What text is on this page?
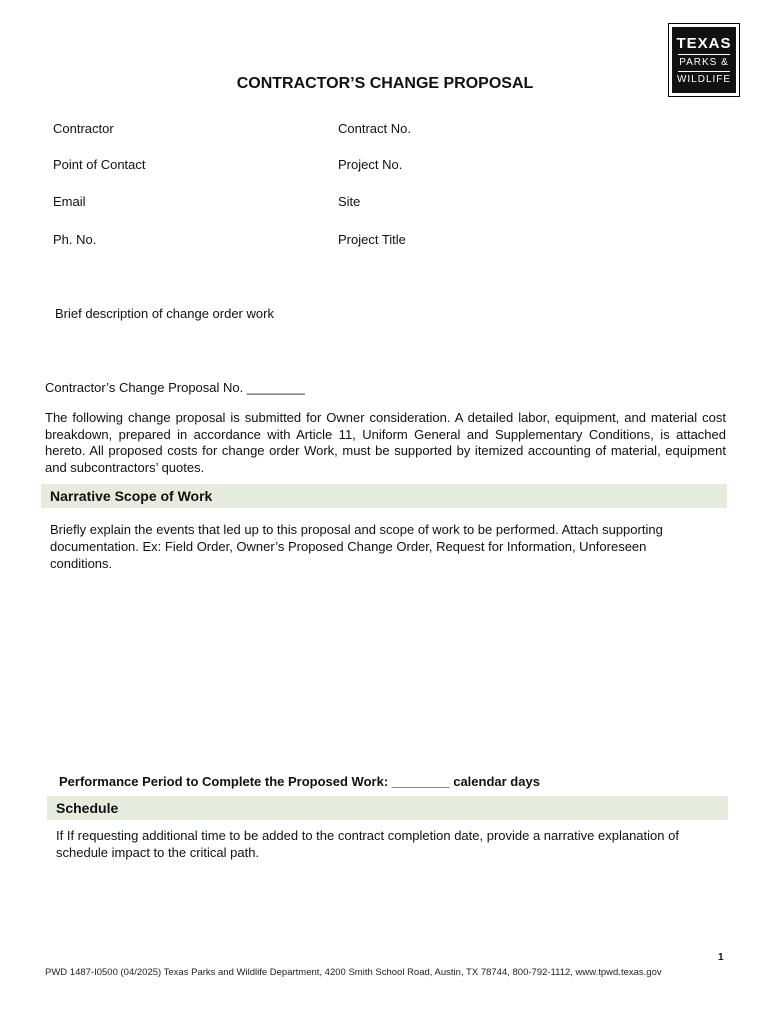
TEXAS
PARKS &
WILDLIFE
CONTRACTOR’S CHANGE PROPOSAL
Contractor	Contract No.
Point of Contact	Project No.
Email	Site
Ph. No.	Project Title
Brief description of change order work
Contractor’s Change Proposal No. ________
The following change proposal is submitted for Owner consideration. A detailed labor, equipment, and material cost breakdown, prepared in accordance with Article 11, Uniform General and Supplementary Conditions, is attached hereto. All proposed costs for change order Work, must be supported by itemized accounting of material, equipment and subcontractors’ quotes.
Narrative Scope of Work
Briefly explain the events that led up to this proposal and scope of work to be performed. Attach supporting documentation. Ex: Field Order, Owner’s Proposed Change Order, Request for Information, Unforeseen conditions.
Performance Period to Complete the Proposed Work: ________ calendar days
Schedule
If If requesting additional time to be added to the contract completion date, provide a narrative explanation of schedule impact to the critical path.
1
PWD 1487-I0500 (04/2025) Texas Parks and Wildlife Department, 4200 Smith School Road, Austin, TX 78744, 800-792-1112, www.tpwd.texas.gov
